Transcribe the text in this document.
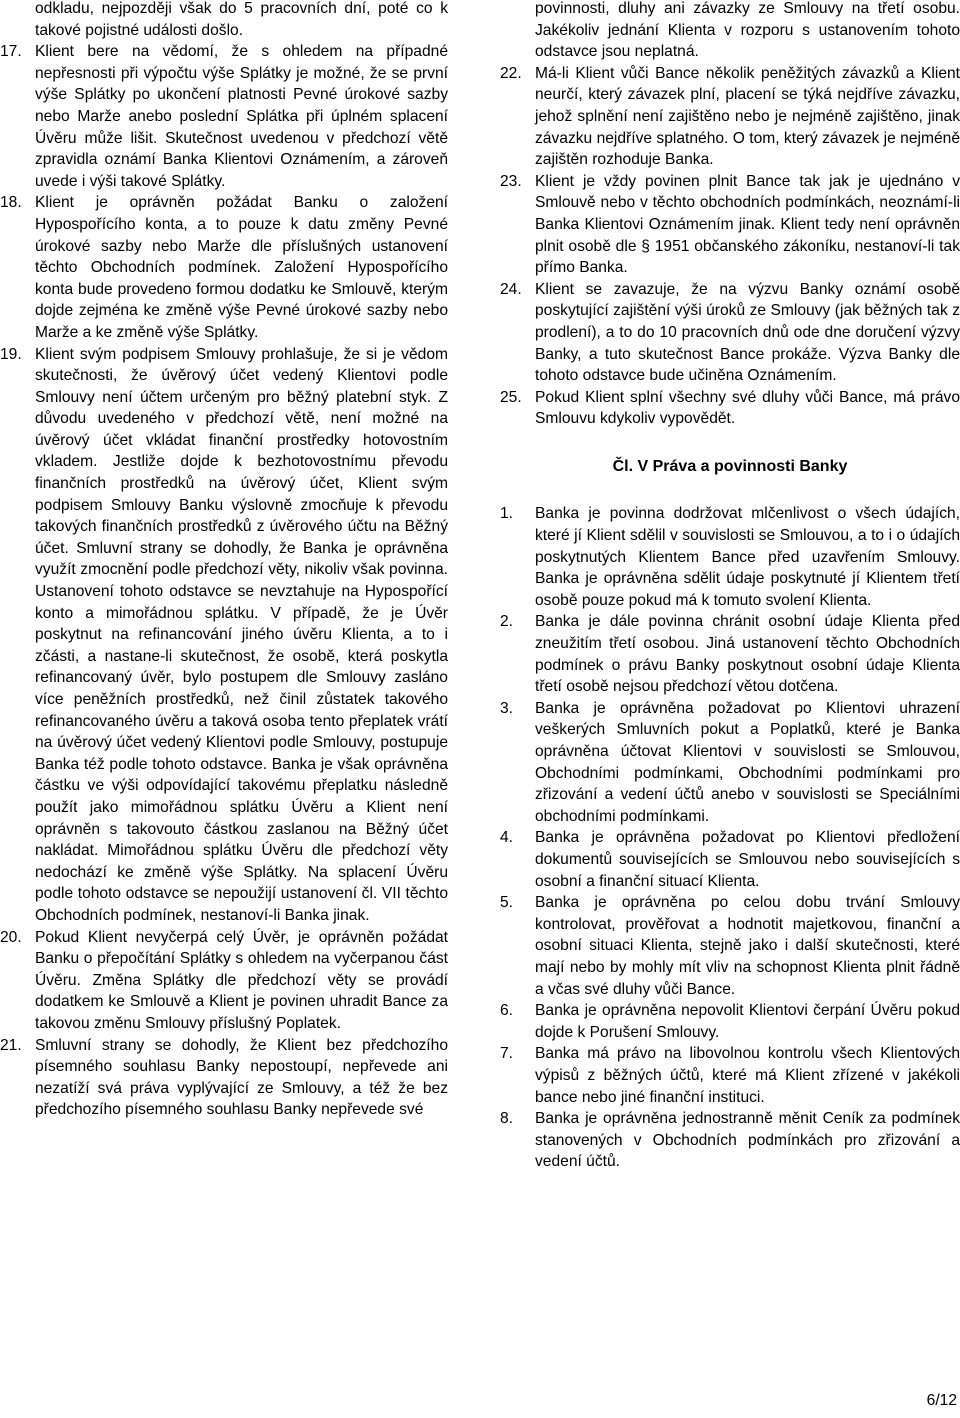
odkladu, nejpozději však do 5 pracovních dní, poté co k takové pojistné události došlo.
17. Klient bere na vědomí, že s ohledem na případné nepřesnosti při výpočtu výše Splátky je možné, že se první výše Splátky po ukončení platnosti Pevné úrokové sazby nebo Marže anebo poslední Splátka při úplném splacení Úvěru může lišit. Skutečnost uvedenou v předchozí větě zpravidla oznámí Banka Klientovi Oznámením, a zároveň uvede i výši takové Splátky.
18. Klient je oprávněn požádat Banku o založení Hypospořícího konta, a to pouze k datu změny Pevné úrokové sazby nebo Marže dle příslušných ustanovení těchto Obchodních podmínek. Založení Hypospořícího konta bude provedeno formou dodatku ke Smlouvě, kterým dojde zejména ke změně výše Pevné úrokové sazby nebo Marže a ke změně výše Splátky.
19. Klient svým podpisem Smlouvy prohlašuje, že si je vědom skutečnosti, že úvěrový účet vedený Klientovi podle Smlouvy není účtem určeným pro běžný platební styk. Z důvodu uvedeného v předchozí větě, není možné na úvěrový účet vkládat finanční prostředky hotovostním vkladem. Jestliže dojde k bezhotovostnímu převodu finančních prostředků na úvěrový účet, Klient svým podpisem Smlouvy Banku výslovně zmocňuje k převodu takových finančních prostředků z úvěrového účtu na Běžný účet. Smluvní strany se dohodly, že Banka je oprávněna využít zmocnění podle předchozí věty, nikoliv však povinna. Ustanovení tohoto odstavce se nevztahuje na Hypospořící konto a mimořádnou splátku. V případě, že je Úvěr poskytnut na refinancování jiného úvěru Klienta, a to i zčásti, a nastane-li skutečnost, že osobě, která poskytla refinancovaný úvěr, bylo postupem dle Smlouvy zasláno více peněžních prostředků, než činil zůstatek takového refinancovaného úvěru a taková osoba tento přeplatek vrátí na úvěrový účet vedený Klientovi podle Smlouvy, postupuje Banka též podle tohoto odstavce. Banka je však oprávněna částku ve výši odpovídající takovému přeplatku následně použít jako mimořádnou splátku Úvěru a Klient není oprávněn s takovouto částkou zaslanou na Běžný účet nakládat. Mimořádnou splátku Úvěru dle předchozí věty nedochází ke změně výše Splátky. Na splacení Úvěru podle tohoto odstavce se nepoužijí ustanovení čl. VII těchto Obchodních podmínek, nestanoví-li Banka jinak.
20. Pokud Klient nevyčerpá celý Úvěr, je oprávněn požádat Banku o přepočítání Splátky s ohledem na vyčerpanou část Úvěru. Změna Splátky dle předchozí věty se provádí dodatkem ke Smlouvě a Klient je povinen uhradit Bance za takovou změnu Smlouvy příslušný Poplatek.
21. Smluvní strany se dohodly, že Klient bez předchozího písemného souhlasu Banky nepostoupí, nepřevede ani nezatíží svá práva vyplývající ze Smlouvy, a též že bez předchozího písemného souhlasu Banky nepřevede své
povinnosti, dluhy ani závazky ze Smlouvy na třetí osobu. Jakékoliv jednání Klienta v rozporu s ustanovením tohoto odstavce jsou neplatná.
22. Má-li Klient vůči Bance několik peněžitých závazků a Klient neurčí, který závazek plní, placení se týká nejdříve závazku, jehož splnění není zajištěno nebo je nejméně zajištěno, jinak závazku nejdříve splatného. O tom, který závazek je nejméně zajištěn rozhoduje Banka.
23. Klient je vždy povinen plnit Bance tak jak je ujednáno v Smlouvě nebo v těchto obchodních podmínkách, neoznámí-li Banka Klientovi Oznámením jinak. Klient tedy není oprávněn plnit osobě dle § 1951 občanského zákoníku, nestanoví-li tak přímo Banka.
24. Klient se zavazuje, že na výzvu Banky oznámí osobě poskytující zajištění výši úroků ze Smlouvy (jak běžných tak z prodlení), a to do 10 pracovních dnů ode dne doručení výzvy Banky, a tuto skutečnost Bance prokáže. Výzva Banky dle tohoto odstavce bude učiněna Oznámením.
25. Pokud Klient splní všechny své dluhy vůči Bance, má právo Smlouvu kdykoliv vypovědět.
Čl. V Práva a povinnosti Banky
1.	Banka je povinna dodržovat mlčenlivost o všech údajích, které jí Klient sdělil v souvislosti se Smlouvou, a to i o údajích poskytnutých Klientem Bance před uzavřením Smlouvy. Banka je oprávněna sdělit údaje poskytnuté jí Klientem třetí osobě pouze pokud má k tomuto svolení Klienta.
2.	Banka je dále povinna chránit osobní údaje Klienta před zneužitím třetí osobou. Jiná ustanovení těchto Obchodních podmínek o právu Banky poskytnout osobní údaje Klienta třetí osobě nejsou předchozí větou dotčena.
3.	Banka je oprávněna požadovat po Klientovi uhrazení veškerých Smluvních pokut a Poplatků, které je Banka oprávněna účtovat Klientovi v souvislosti se Smlouvou, Obchodními podmínkami, Obchodními podmínkami pro zřizování a vedení účtů anebo v souvislosti se Speciálními obchodními podmínkami.
4.	Banka je oprávněna požadovat po Klientovi předložení dokumentů souvisejících se Smlouvou nebo souvisejících s osobní a finanční situací Klienta.
5.	Banka je oprávněna po celou dobu trvání Smlouvy kontrolovat, prověřovat a hodnotit majetkovou, finanční a osobní situaci Klienta, stejně jako i další skutečnosti, které mají nebo by mohly mít vliv na schopnost Klienta plnit řádně a včas své dluhy vůči Bance.
6.	Banka je oprávněna nepovolit Klientovi čerpání Úvěru pokud dojde k Porušení Smlouvy.
7.	Banka má právo na libovolnou kontrolu všech Klientových výpisů z běžných účtů, které má Klient zřízené v jakékoli bance nebo jiné finanční instituci.
8.	Banka je oprávněna jednostranně měnit Ceník za podmínek stanovených v Obchodních podmínkách pro zřizování a vedení účtů.
6/12
